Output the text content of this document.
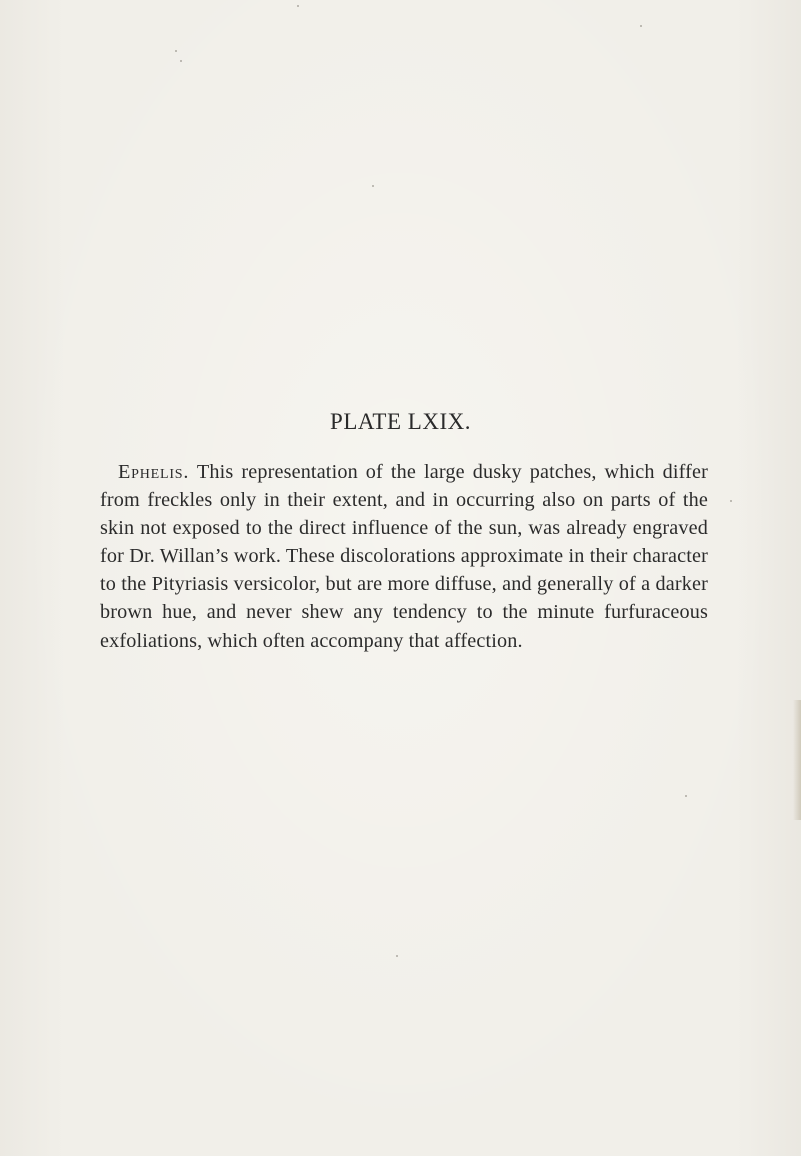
PLATE LXIX.

Ephelis. This representation of the large dusky patches, which differ from freckles only in their extent, and in occurring also on parts of the skin not exposed to the direct influence of the sun, was already engraved for Dr. Willan’s work. These discolorations approximate in their character to the Pityriasis versicolor, but are more diffuse, and generally of a darker brown hue, and never shew any tendency to the minute furfuraceous exfoliations, which often accompany that affection.
